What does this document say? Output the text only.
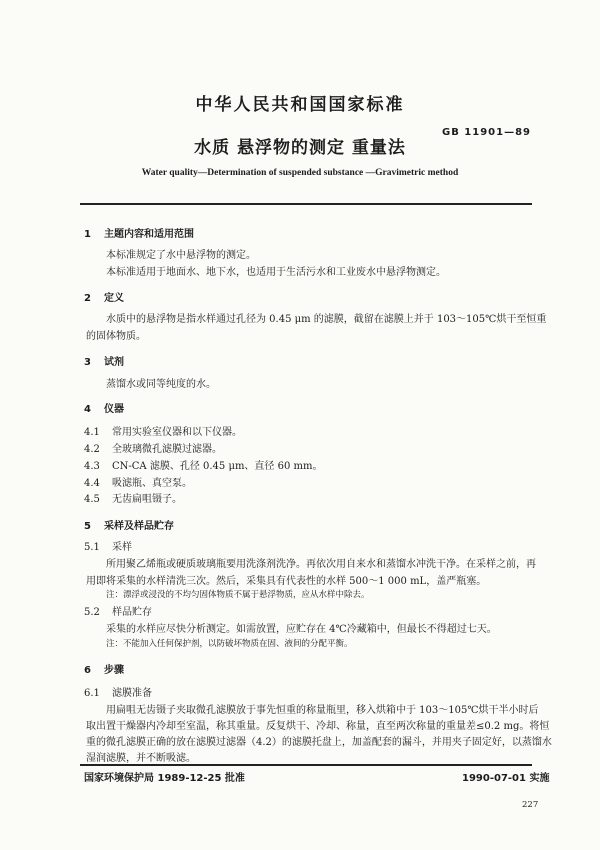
中华人民共和国国家标准
GB 11901—89
水质 悬浮物的测定 重量法
Water quality—Determination of suspended substance —Gravimetric method
1 主题内容和适用范围
本标准规定了水中悬浮物的测定。
本标准适用于地面水、地下水，也适用于生活污水和工业废水中悬浮物测定。
2 定义
水质中的悬浮物是指水样通过孔径为 0.45 μm 的滤膜，截留在滤膜上并于 103～105℃烘干至恒重
的固体物质。
3 试剂
蒸馏水或同等纯度的水。
4 仪器
4.1 常用实验室仪器和以下仪器。
4.2 全玻璃微孔滤膜过滤器。
4.3 CN-CA 滤膜、孔径 0.45 μm、直径 60 mm。
4.4 吸滤瓶、真空泵。
4.5 无齿扁咀镊子。
5 采样及样品贮存
5.1 采样
所用聚乙烯瓶或硬质玻璃瓶要用洗涤剂洗净。再依次用自来水和蒸馏水冲洗干净。在采样之前，再
用即将采集的水样清洗三次。然后，采集具有代表性的水样 500～1 000 mL，盖严瓶塞。
注：漂浮或浸没的不均匀固体物质不属于悬浮物质，应从水样中除去。
5.2 样品贮存
采集的水样应尽快分析测定。如需放置，应贮存在 4℃冷藏箱中，但最长不得超过七天。
注：不能加入任何保护剂，以防破坏物质在固、液间的分配平衡。
6 步骤
6.1 滤膜准备
用扁咀无齿镊子夹取微孔滤膜放于事先恒重的称量瓶里，移入烘箱中于 103～105℃烘干半小时后
取出置干燥器内冷却至室温，称其重量。反复烘干、冷却、称量，直至两次称量的重量差≤0.2 mg。将恒
重的微孔滤膜正确的放在滤膜过滤器（4.2）的滤膜托盘上，加盖配套的漏斗，并用夹子固定好，以蒸馏水
湿润滤膜，并不断吸滤。
国家环境保护局 1989-12-25 批准	1990-07-01 实施
227
